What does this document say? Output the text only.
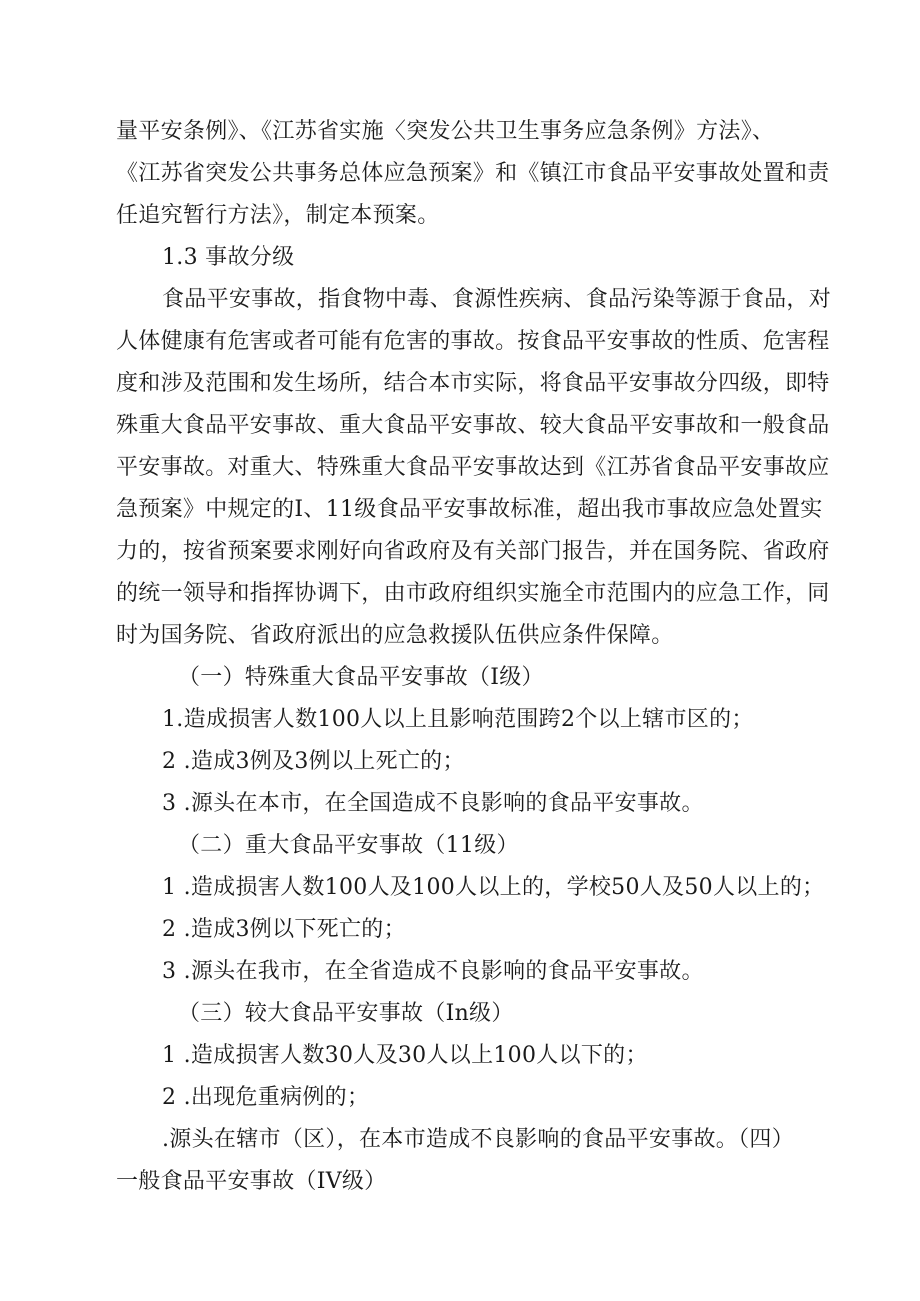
量平安条例》、《江苏省实施〈突发公共卫生事务应急条例》方法》、
《江苏省突发公共事务总体应急预案》和《镇江市食品平安事故处置和责
任追究暂行方法》，制定本预案。
1.3 事故分级
食品平安事故，指食物中毒、食源性疾病、食品污染等源于食品，对
人体健康有危害或者可能有危害的事故。按食品平安事故的性质、危害程
度和涉及范围和发生场所，结合本市实际，将食品平安事故分四级，即特
殊重大食品平安事故、重大食品平安事故、较大食品平安事故和一般食品
平安事故。对重大、特殊重大食品平安事故达到《江苏省食品平安事故应
急预案》中规定的I、11级食品平安事故标准，超出我市事故应急处置实
力的，按省预案要求刚好向省政府及有关部门报告，并在国务院、省政府
的统一领导和指挥协调下，由市政府组织实施全市范围内的应急工作，同
时为国务院、省政府派出的应急救援队伍供应条件保障。
（一）特殊重大食品平安事故（I级）
1.造成损害人数100人以上且影响范围跨2个以上辖市区的；
2 .造成3例及3例以上死亡的；
3 .源头在本市，在全国造成不良影响的食品平安事故。
（二）重大食品平安事故（11级）
1 .造成损害人数100人及100人以上的，学校50人及50人以上的；
2 .造成3例以下死亡的；
3 .源头在我市，在全省造成不良影响的食品平安事故。
（三）较大食品平安事故（In级）
1 .造成损害人数30人及30人以上100人以下的；
2 .出现危重病例的；
.源头在辖市（区），在本市造成不良影响的食品平安事故。（四）
一般食品平安事故（IV级）
